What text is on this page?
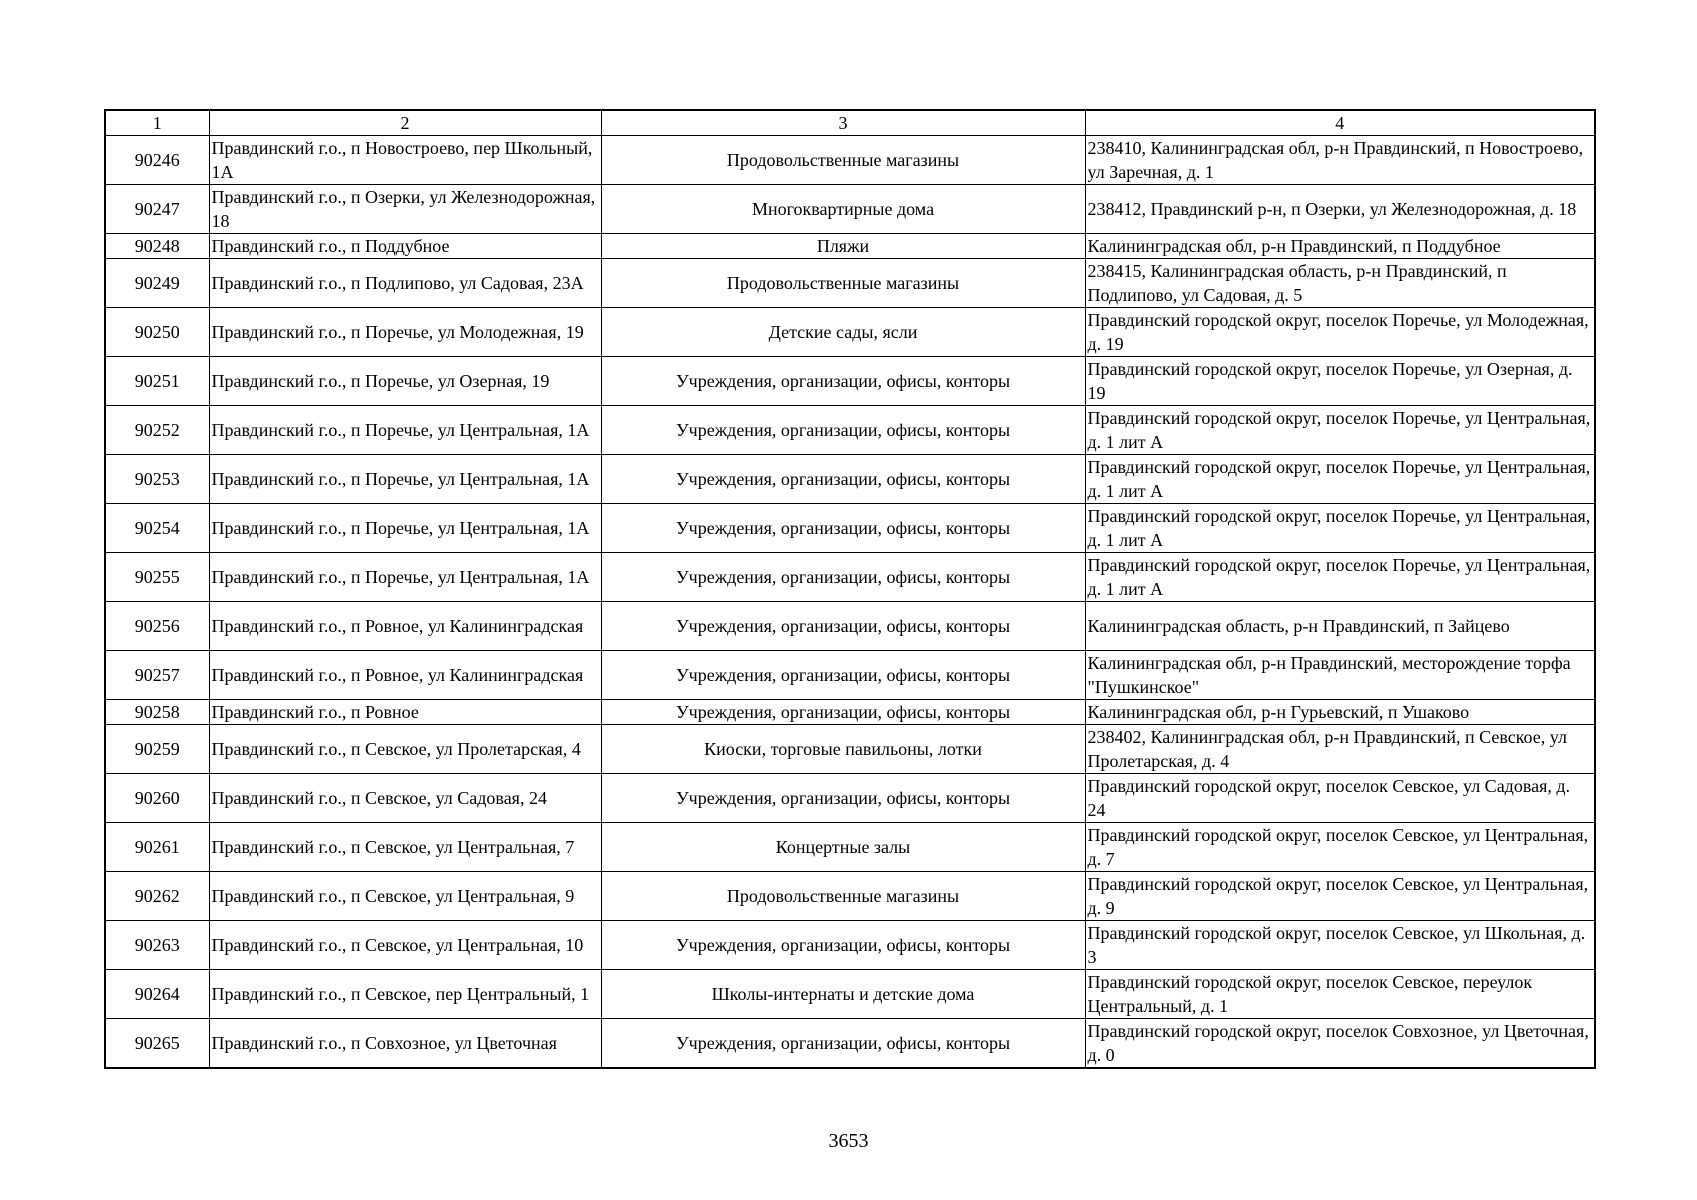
1	2	3	4
90246	Правдинский г.о., п Новостроево, пер Школьный, 1А	Продовольственные магазины	238410, Калининградская обл, р-н Правдинский, п Новостроево, ул Заречная, д. 1
90247	Правдинский г.о., п Озерки, ул Железнодорожная, 18	Многоквартирные дома	238412, Правдинский р-н, п Озерки, ул Железнодорожная, д. 18
90248	Правдинский г.о., п Поддубное	Пляжи	Калининградская обл, р-н Правдинский, п Поддубное
90249	Правдинский г.о., п Подлипово, ул Садовая, 23А	Продовольственные магазины	238415, Калининградская область, р-н Правдинский, п Подлипово, ул Садовая, д. 5
90250	Правдинский г.о., п Поречье, ул Молодежная, 19	Детские сады, ясли	Правдинский городской округ, поселок Поречье, ул Молодежная, д. 19
90251	Правдинский г.о., п Поречье, ул Озерная, 19	Учреждения, организации, офисы, конторы	Правдинский городской округ, поселок Поречье, ул Озерная, д. 19
90252	Правдинский г.о., п Поречье, ул Центральная, 1А	Учреждения, организации, офисы, конторы	Правдинский городской округ, поселок Поречье, ул Центральная, д. 1 лит А
90253	Правдинский г.о., п Поречье, ул Центральная, 1А	Учреждения, организации, офисы, конторы	Правдинский городской округ, поселок Поречье, ул Центральная, д. 1 лит А
90254	Правдинский г.о., п Поречье, ул Центральная, 1А	Учреждения, организации, офисы, конторы	Правдинский городской округ, поселок Поречье, ул Центральная, д. 1 лит А
90255	Правдинский г.о., п Поречье, ул Центральная, 1А	Учреждения, организации, офисы, конторы	Правдинский городской округ, поселок Поречье, ул Центральная, д. 1 лит А
90256	Правдинский г.о., п Ровное, ул Калининградская	Учреждения, организации, офисы, конторы	Калининградская область, р-н Правдинский, п Зайцево
90257	Правдинский г.о., п Ровное, ул Калининградская	Учреждения, организации, офисы, конторы	Калининградская обл, р-н Правдинский, месторождение торфа "Пушкинское"
90258	Правдинский г.о., п Ровное	Учреждения, организации, офисы, конторы	Калининградская обл, р-н Гурьевский, п Ушаково
90259	Правдинский г.о., п Севское, ул Пролетарская, 4	Киоски, торговые павильоны, лотки	238402, Калининградская обл, р-н Правдинский, п Севское, ул Пролетарская, д. 4
90260	Правдинский г.о., п Севское, ул Садовая, 24	Учреждения, организации, офисы, конторы	Правдинский городской округ, поселок Севское, ул Садовая, д. 24
90261	Правдинский г.о., п Севское, ул Центральная, 7	Концертные залы	Правдинский городской округ, поселок Севское, ул Центральная, д. 7
90262	Правдинский г.о., п Севское, ул Центральная, 9	Продовольственные магазины	Правдинский городской округ, поселок Севское, ул Центральная, д. 9
90263	Правдинский г.о., п Севское, ул Центральная, 10	Учреждения, организации, офисы, конторы	Правдинский городской округ, поселок Севское, ул Школьная, д. 3
90264	Правдинский г.о., п Севское, пер Центральный, 1	Школы-интернаты и детские дома	Правдинский городской округ, поселок Севское, переулок Центральный, д. 1
90265	Правдинский г.о., п Совхозное, ул Цветочная	Учреждения, организации, офисы, конторы	Правдинский городской округ, поселок Совхозное, ул Цветочная, д. 0
3653
